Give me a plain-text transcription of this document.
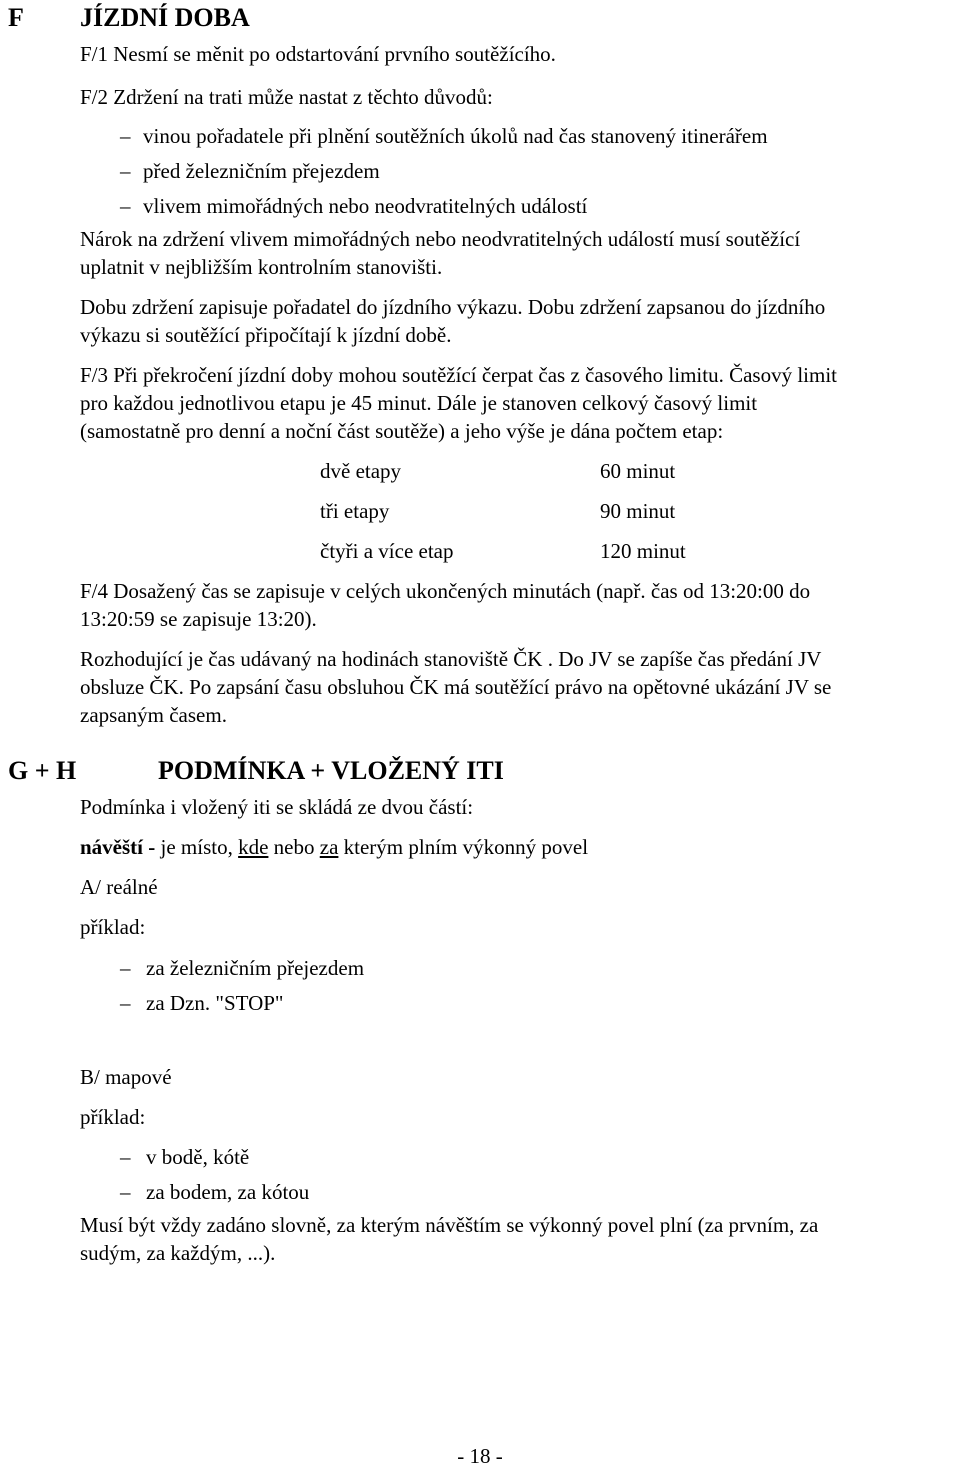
F JÍZDNÍ DOBA
F/1 Nesmí se měnit po odstartování prvního soutěžícího.
F/2 Zdržení na trati může nastat z těchto důvodů:
– vinou pořadatele při plnění soutěžních úkolů nad čas stanovený itinerářem
– před železničním přejezdem
– vlivem mimořádných nebo neodvratitelných událostí
Nárok na zdržení vlivem mimořádných nebo neodvratitelných událostí musí soutěžící
uplatnit v nejbližším kontrolním stanovišti.
Dobu zdržení zapisuje pořadatel do jízdního výkazu. Dobu zdržení zapsanou do jízdního
výkazu si soutěžící připočítají k jízdní době.
F/3 Při překročení jízdní doby mohou soutěžící čerpat čas z časového limitu. Časový limit
pro každou jednotlivou etapu je 45 minut. Dále je stanoven celkový časový limit
(samostatně pro denní a noční část soutěže) a jeho výše je dána počtem etap:
dvě etapy	60 minut
tři etapy	90 minut
čtyři a více etap	120 minut
F/4 Dosažený čas se zapisuje v celých ukončených minutách (např. čas od 13:20:00 do
13:20:59 se zapisuje 13:20).
Rozhodující je čas udávaný na hodinách stanoviště ČK . Do JV se zapíše čas předání JV
obsluze ČK. Po zapsání času obsluhou ČK má soutěžící právo na opětovné ukázání JV se
zapsaným časem.
G + H	PODMÍNKA + VLOŽENÝ ITI
Podmínka i vložený iti se skládá ze dvou částí:
návěští - je místo, kde nebo za kterým plním výkonný povel
A/ reálné
příklad:
– za železničním přejezdem
– za Dzn. "STOP"
B/ mapové
příklad:
– v bodě, kótě
– za bodem, za kótou
Musí být vždy zadáno slovně, za kterým návěštím se výkonný povel plní (za prvním, za
sudým, za každým, ...).
- 18 -
